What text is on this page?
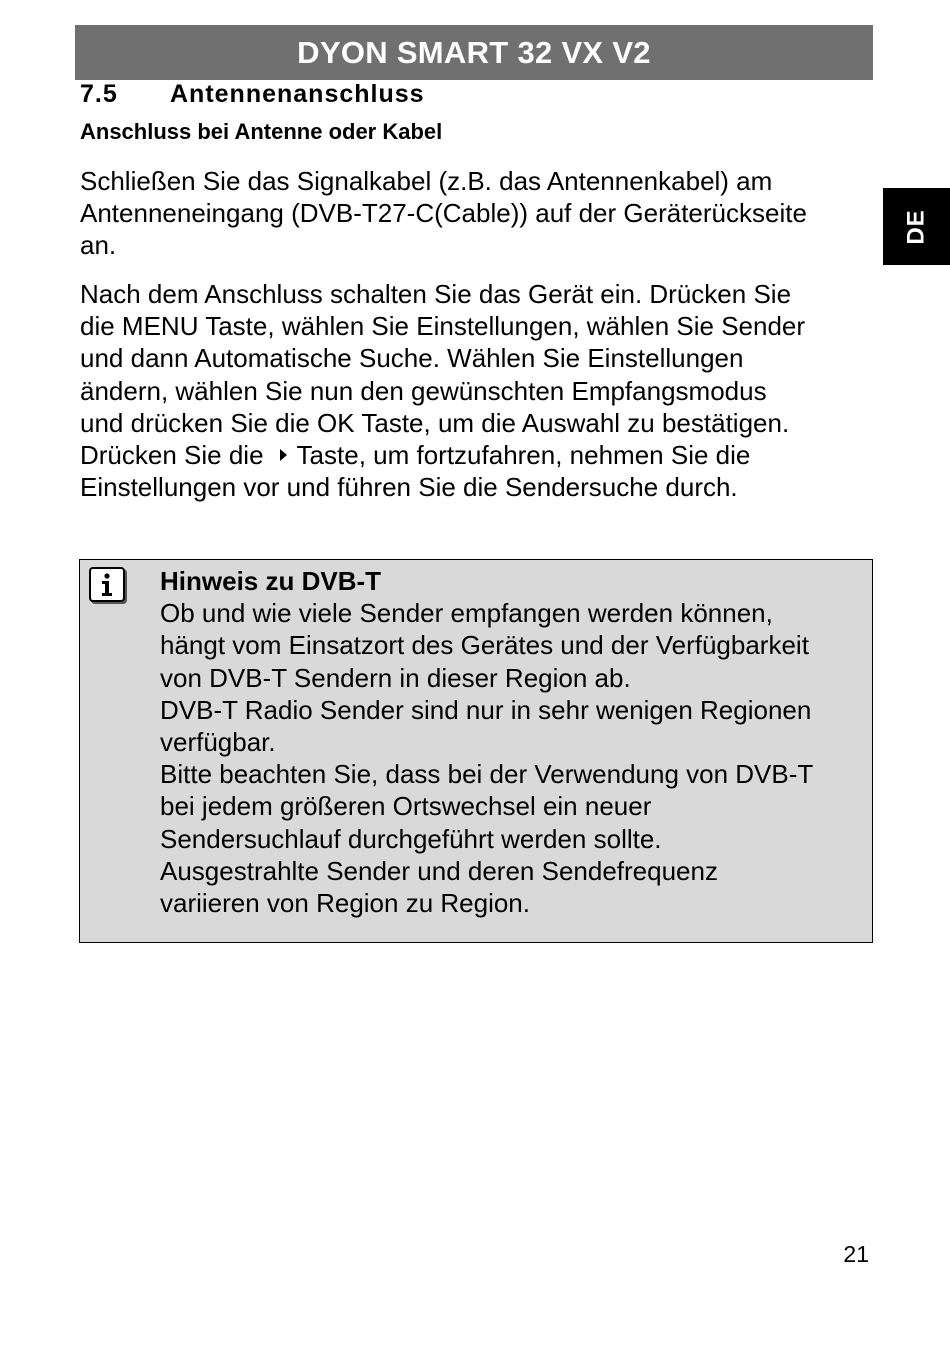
DYON SMART 32 VX V2
DE
7.5 Antennenanschluss
Anschluss bei Antenne oder Kabel
Schließen Sie das Signalkabel (z.B. das Antennenkabel) am
Antenneneingang (DVB-T27-C(Cable)) auf der Geräterückseite
an.
Nach dem Anschluss schalten Sie das Gerät ein. Drücken Sie
die MENU Taste, wählen Sie Einstellungen, wählen Sie Sender
und dann Automatische Suche. Wählen Sie Einstellungen
ändern, wählen Sie nun den gewünschten Empfangsmodus
und drücken Sie die OK Taste, um die Auswahl zu bestätigen.
Drücken Sie die Taste, um fortzufahren, nehmen Sie die
Einstellungen vor und führen Sie die Sendersuche durch.
Hinweis zu DVB-T
Ob und wie viele Sender empfangen werden können,
hängt vom Einsatzort des Gerätes und der Verfügbarkeit
von DVB-T Sendern in dieser Region ab.
DVB-T Radio Sender sind nur in sehr wenigen Regionen
verfügbar.
Bitte beachten Sie, dass bei der Verwendung von DVB-T
bei jedem größeren Ortswechsel ein neuer
Sendersuchlauf durchgeführt werden sollte.
Ausgestrahlte Sender und deren Sendefrequenz
variieren von Region zu Region.
21
